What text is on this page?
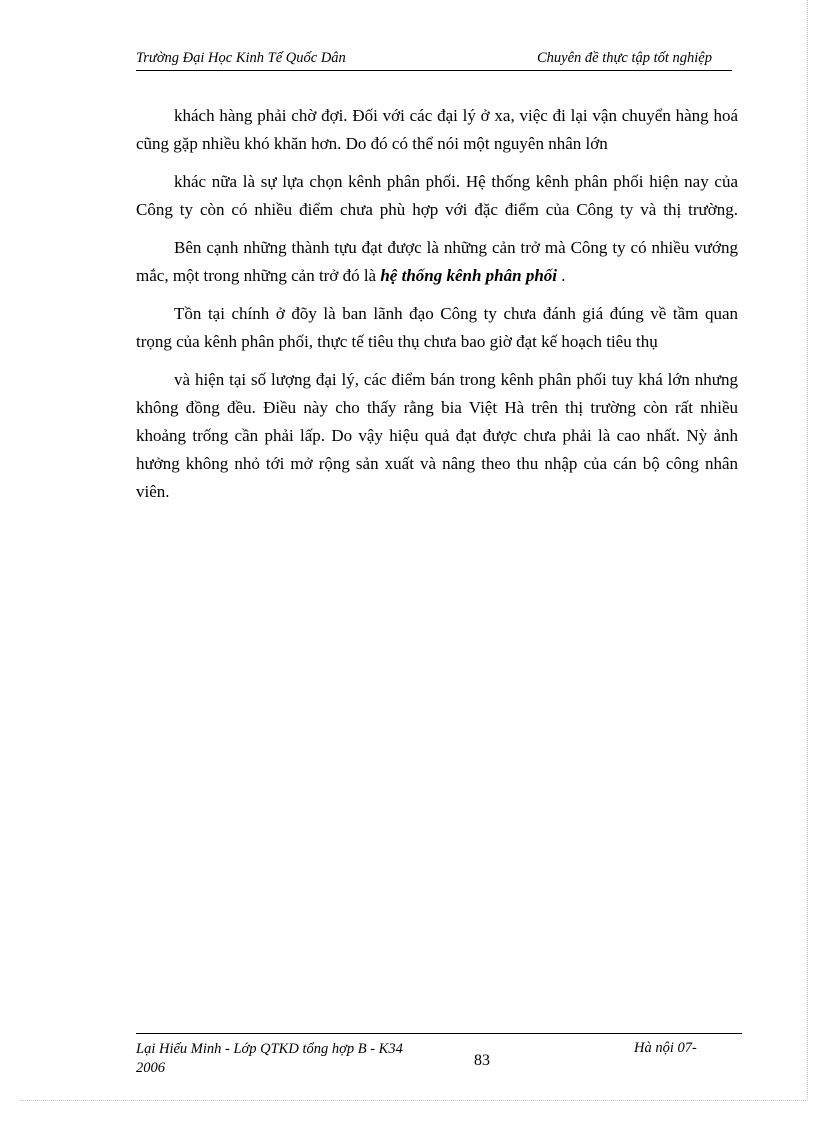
Trường Đại Học Kinh Tế Quốc Dân	Chuyên đề thực tập tốt nghiệp

khách hàng phải chờ đợi. Đối với các đại lý ở xa, việc đi lại vận chuyển hàng hoá cũng gặp nhiều khó khăn hơn. Do đó có thể nói một nguyên nhân lớn

khác nữa là sự lựa chọn kênh phân phối. Hệ thống kênh phân phối hiện nay của Công ty còn có nhiều điểm chưa phù hợp với đặc điểm của Công ty và thị trường.

Bên cạnh những thành tựu đạt được là những cản trở mà Công ty có nhiều vướng mắc, một trong những cản trở đó là hệ thống kênh phân phối .

Tồn tại chính ở đõy là ban lãnh đạo Công ty chưa đánh giá đúng về tầm quan trọng của kênh phân phối, thực tế tiêu thụ chưa bao giờ đạt kế hoạch tiêu thụ

và hiện tại số lượng đại lý, các điểm bán trong kênh phân phối tuy khá lớn nhưng không đồng đều. Điều này cho thấy rằng bia Việt Hà trên thị trường còn rất nhiều khoảng trống cần phải lấp. Do vậy hiệu quả đạt được chưa phải là cao nhất. Nỳ ảnh hưởng không nhỏ tới mở rộng sản xuất và nâng theo thu nhập của cán bộ công nhân viên.

Lại Hiếu Minh - Lớp QTKD tổng hợp B - K34
2006	83
Hà nội 07-
